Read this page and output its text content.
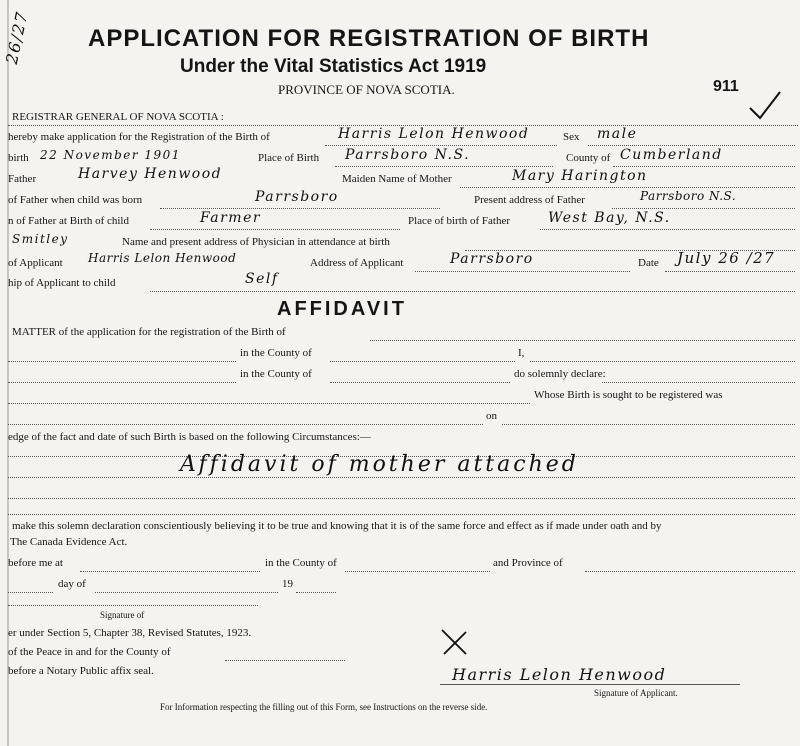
26/27 APPLICATION FOR REGISTRATION OF BIRTH
Under the Vital Statistics Act 1919
PROVINCE OF NOVA SCOTIA.	911
REGISTRAR GENERAL OF NOVA SCOTIA :
hereby make application for the Registration of the Birth of	Harris Lelon Henwood	Sex male
birth 22 November 1901	Place of Birth Parrsboro N.S.	County of Cumberland
Father	Harvey Henwood	Maiden Name of Mother	Mary Harington
of Father when child was born	Parrsboro	Present address of Father	Parrsboro N.S.
n of Father at Birth of child	Farmer	Place of birth of Father	West Bay, N.S.
Smitley	Name and present address of Physician in attendance at birth
of Applicant Harris Lelon Henwood	Address of Applicant	Parrsboro	Date July 26 /27
hip of Applicant to child	Self
AFFIDAVIT
MATTER of the application for the registration of the Birth of
in the County of	I,
in the County of	do solemnly declare:
Whose Birth is sought to be registered was
on
edge of the fact and date of such Birth is based on the following Circumstances:—
Affidavit of mother attached
make this solemn declaration conscientiously believing it to be true and knowing that it is of the same force and effect as if made under oath and by
The Canada Evidence Act.
before me at	in the County of	and Province of
day of	19
Signature of
er under Section 5, Chapter 38, Revised Statutes, 1923.
of the Peace in and for the County of
before a Notary Public affix seal.	Harris Lelon Henwood
Signature of Applicant.
For Information respecting the filling out of this Form, see Instructions on the reverse side.
